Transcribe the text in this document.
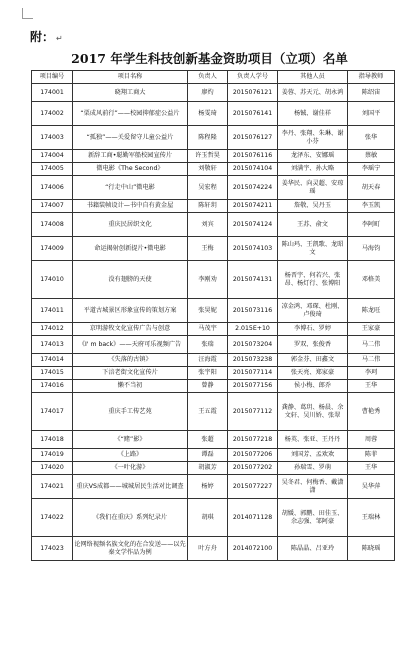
附： ↵
2017 年学生科技创新基金资助项目（立项）名单
项目编号	项目名称	负责人	负责人学号	其他人员	指导教师
174001	晓翔工商大	廖灼	2015076121	姜蓉、苏天元、胡永鸿	陈绍宙
174002	“栗成风前行”——校园抑郁症公益片	杨雯琦	2015076141	杨铖、谢佳祥	刘国平
174003	“孤独”——关爱留守儿童公益片	陈程隆	2015076127	李丹、张翔、朱琳、谢小芬	张华
174004	新辞工商•聪勤军船校园宣传片	许玉哲昊	2015076116	龙泽东、安娜瑶	蔡敏
174005	微电影《The Second》	刘敬轩	2015074104	刘满宇、孙大略	李瑶宁
174006	“行走中山”微电影	吴宏程	2015074224	姜华民、向灵超、安琼瑶	胡天春
174007	书籍装帧设计—书中自有黄金屋	陈轩玥	2015074211	詹敬、吴丹玉	李玉凯
174008	重庆民居织文化	刘宾	2015074124	王苏、俞文	李阿町
174009	命运揭射创新提片•微电影	王梅	2015074103	陈山玛、王凯歌、龙昭文	马海钧
174010	没有翅膀的天使	李刚劝	2015074131	杨晋宇、何若兴、张昂、杨灯行、张博阳	邓格美
174011	平道古城景区形象宣传的策划方案	张昊妮	2015073116	凉金鸿、邓琛、杜刚、卢俊琦	陈龙旺
174012	京明游牧文化宣传广告与创意	马茂宇	2.015E+10	李博石、罗婷	王家豪
174013	《I' m back》——天府可乐视频广告	张瑞	2015073204	罗双、张俊香	马二伟
174014	《失落的古镇》	汪海霞	2015073238	郭金芬、田鑫文	马二伟
174015	下涪老街文化宣传片	张宇阳	2015077114	张天亮、郑家豪	李珂
174016	懒不当初	曾静	2015077156	侯小梅、郎乔	王华
174017	重庆手工传艺苑	王五霞	2015077112	龚静、葛玥、杨晨、余文轩、吴川娇、张翠	曹艳秀
174018	《“赌”影》	张超	2015077218	杨英、张亚、王丹丹	周蓉
174019	《上路》	谭磊	2015077206	刘国芳、孟欢欢	陈菲
174020	《一叶化游》	胡淑芳	2015077202	孙瑞雪、罗萌	王华
174021	重庆VS成都——城城居民生活对比调查	杨婷	2015077227	吴冬君、何梅香、戴潇潇	吴华萍
174022	《我们在重庆》系列纪录片	胡琪	2014071128	胡媛、郭鹏、田佳玉、余志强、邹阿豪	王瑞林
174023	论网络视频名族文化的在合发送——以先秦文学作品为例	叶方舟	2014072100	陈晶晶、吕亚玲	陈晓瑶
